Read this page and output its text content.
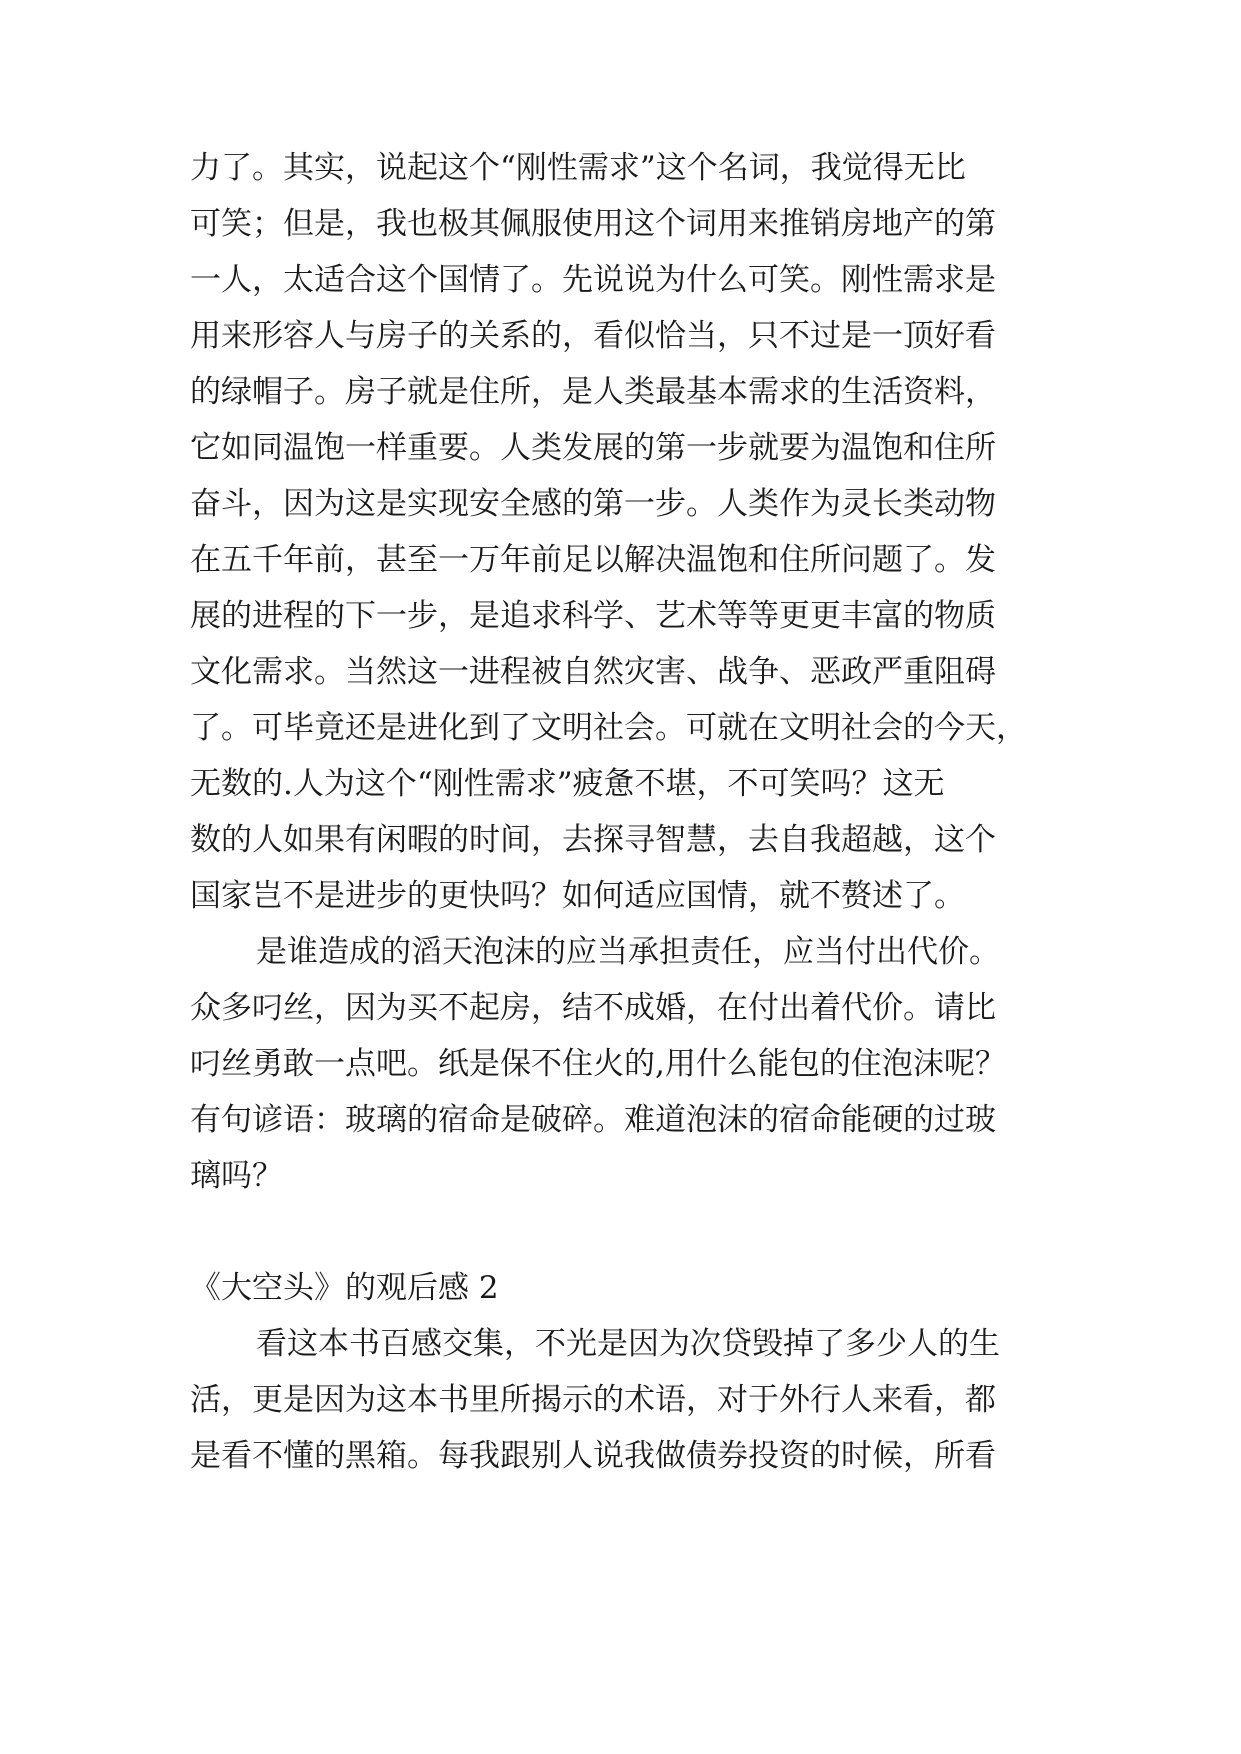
力了。其实，说起这个“刚性需求”这个名词，我觉得无比
可笑；但是，我也极其佩服使用这个词用来推销房地产的第
一人，太适合这个国情了。先说说为什么可笑。刚性需求是
用来形容人与房子的关系的，看似恰当，只不过是一顶好看
的绿帽子。房子就是住所，是人类最基本需求的生活资料，
它如同温饱一样重要。人类发展的第一步就要为温饱和住所
奋斗，因为这是实现安全感的第一步。人类作为灵长类动物
在五千年前，甚至一万年前足以解决温饱和住所问题了。发
展的进程的下一步，是追求科学、艺术等等更更丰富的物质
文化需求。当然这一进程被自然灾害、战争、恶政严重阻碍
了。可毕竟还是进化到了文明社会。可就在文明社会的今天，
无数的.人为这个“刚性需求”疲惫不堪，不可笑吗？这无
数的人如果有闲暇的时间，去探寻智慧，去自我超越，这个
国家岂不是进步的更快吗？如何适应国情，就不赘述了。
是谁造成的滔天泡沫的应当承担责任，应当付出代价。
众多叼丝，因为买不起房，结不成婚，在付出着代价。请比
叼丝勇敢一点吧。纸是保不住火的,用什么能包的住泡沫呢？
有句谚语：玻璃的宿命是破碎。难道泡沫的宿命能硬的过玻
璃吗？
《大空头》的观后感 2
看这本书百感交集，不光是因为次贷毁掉了多少人的生
活，更是因为这本书里所揭示的术语，对于外行人来看，都
是看不懂的黑箱。每我跟别人说我做债券投资的时候，所看
